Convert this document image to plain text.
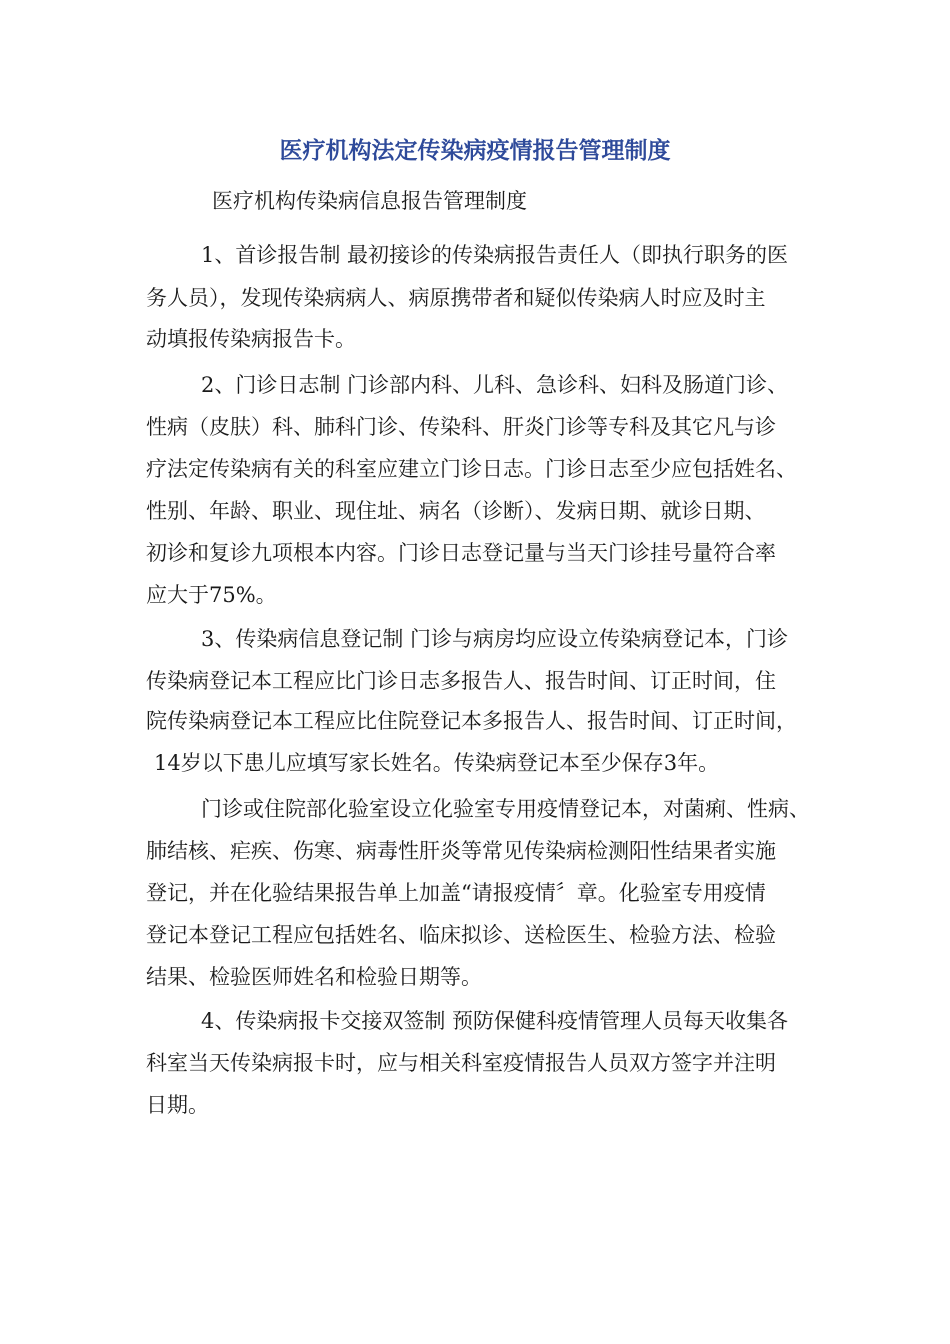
医疗机构法定传染病疫情报告管理制度

医疗机构传染病信息报告管理制度

1、首诊报告制 最初接诊的传染病报告责任人（即执行职务的医

务人员），发现传染病病人、病原携带者和疑似传染病人时应及时主

动填报传染病报告卡。

2、门诊日志制 门诊部内科、儿科、急诊科、妇科及肠道门诊、

性病（皮肤）科、肺科门诊、传染科、肝炎门诊等专科及其它凡与诊

疗法定传染病有关的科室应建立门诊日志。门诊日志至少应包括姓名、

性别、年龄、职业、现住址、病名（诊断）、发病日期、就诊日期、

初诊和复诊九项根本内容。门诊日志登记量与当天门诊挂号量符合率

应大于75%。

3、传染病信息登记制 门诊与病房均应设立传染病登记本，门诊

传染病登记本工程应比门诊日志多报告人、报告时间、订正时间，住

院传染病登记本工程应比住院登记本多报告人、报告时间、订正时间，

14岁以下患儿应填写家长姓名。传染病登记本至少保存3年。

门诊或住院部化验室设立化验室专用疫情登记本，对菌痢、性病、

肺结核、疟疾、伤寒、病毒性肝炎等常见传染病检测阳性结果者实施

登记，并在化验结果报告单上加盖“请报疫情〞章。化验室专用疫情

登记本登记工程应包括姓名、临床拟诊、送检医生、检验方法、检验

结果、检验医师姓名和检验日期等。

4、传染病报卡交接双签制 预防保健科疫情管理人员每天收集各

科室当天传染病报卡时，应与相关科室疫情报告人员双方签字并注明

日期。
